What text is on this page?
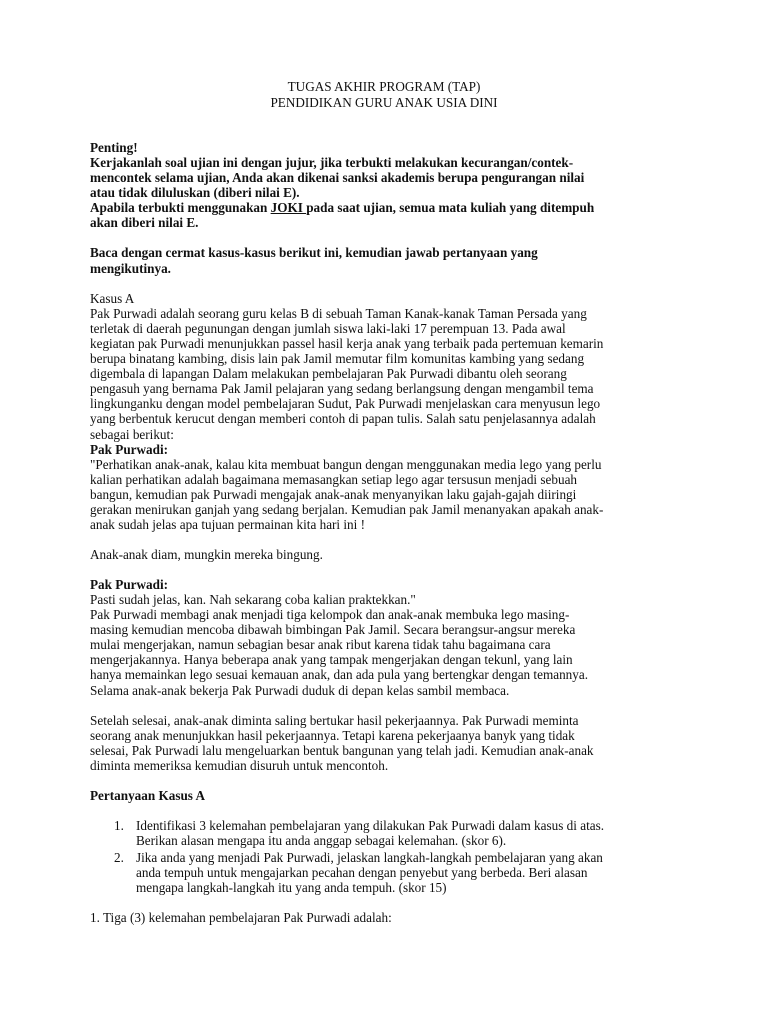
TUGAS AKHIR PROGRAM (TAP)
PENDIDIKAN GURU ANAK USIA DINI
Penting!
Kerjakanlah soal ujian ini dengan jujur, jika terbukti melakukan kecurangan/contek-
mencontek selama ujian, Anda akan dikenai sanksi akademis berupa pengurangan nilai
atau tidak diluluskan (diberi nilai E).
Apabila terbukti menggunakan JOKI pada saat ujian, semua mata kuliah yang ditempuh
akan diberi nilai E.
Baca dengan cermat kasus-kasus berikut ini, kemudian jawab pertanyaan yang
mengikutinya.
Kasus A
Pak Purwadi adalah seorang guru kelas B di sebuah Taman Kanak-kanak Taman Persada yang
terletak di daerah pegunungan dengan jumlah siswa laki-laki 17 perempuan 13. Pada awal
kegiatan pak Purwadi menunjukkan passel hasil kerja anak yang terbaik pada pertemuan kemarin
berupa binatang kambing, disis lain pak Jamil memutar film komunitas kambing yang sedang
digembala di lapangan Dalam melakukan pembelajaran Pak Purwadi dibantu oleh seorang
pengasuh yang bernama Pak Jamil pelajaran yang sedang berlangsung dengan mengambil tema
lingkunganku dengan model pembelajaran Sudut, Pak Purwadi menjelaskan cara menyusun lego
yang berbentuk kerucut dengan memberi contoh di papan tulis. Salah satu penjelasannya adalah
sebagai berikut:
Pak Purwadi:
"Perhatikan anak-anak, kalau kita membuat bangun dengan menggunakan media lego yang perlu
kalian perhatikan adalah bagaimana memasangkan setiap lego agar tersusun menjadi sebuah
bangun, kemudian pak Purwadi mengajak anak-anak menyanyikan laku gajah-gajah diiringi
gerakan menirukan ganjah yang sedang berjalan. Kemudian pak Jamil menanyakan apakah anak-
anak sudah jelas apa tujuan permainan kita hari ini !
Anak-anak diam, mungkin mereka bingung.
Pak Purwadi:
Pasti sudah jelas, kan. Nah sekarang coba kalian praktekkan."
Pak Purwadi membagi anak menjadi tiga kelompok dan anak-anak membuka lego masing-
masing kemudian mencoba dibawah bimbingan Pak Jamil. Secara berangsur-angsur mereka
mulai mengerjakan, namun sebagian besar anak ribut karena tidak tahu bagaimana cara
mengerjakannya. Hanya beberapa anak yang tampak mengerjakan dengan tekunl, yang lain
hanya memainkan lego sesuai kemauan anak, dan ada pula yang bertengkar dengan temannya.
Selama anak-anak bekerja Pak Purwadi duduk di depan kelas sambil membaca.
Setelah selesai, anak-anak diminta saling bertukar hasil pekerjaannya. Pak Purwadi meminta
seorang anak menunjukkan hasil pekerjaannya. Tetapi karena pekerjaanya banyk yang tidak
selesai, Pak Purwadi lalu mengeluarkan bentuk bangunan yang telah jadi. Kemudian anak-anak
diminta memeriksa kemudian disuruh untuk mencontoh.
Pertanyaan Kasus A
1. Identifikasi 3 kelemahan pembelajaran yang dilakukan Pak Purwadi dalam kasus di atas.
Berikan alasan mengapa itu anda anggap sebagai kelemahan. (skor 6).
2. Jika anda yang menjadi Pak Purwadi, jelaskan langkah-langkah pembelajaran yang akan
anda tempuh untuk mengajarkan pecahan dengan penyebut yang berbeda. Beri alasan
mengapa langkah-langkah itu yang anda tempuh. (skor 15)
1. Tiga (3) kelemahan pembelajaran Pak Purwadi adalah:
